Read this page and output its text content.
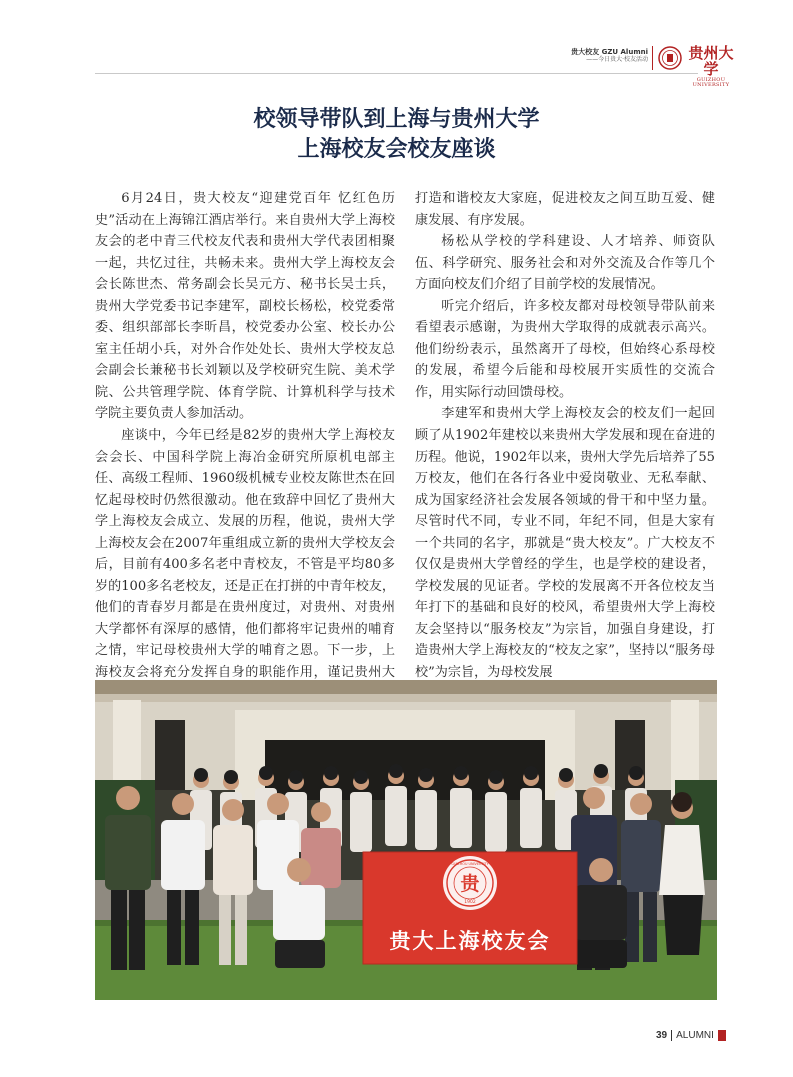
贵大校友 GZU Alumni
——今日贵大·校友活动	贵州大学
GUIZHOU UNIVERSITY
校领导带队到上海与贵州大学
上海校友会校友座谈

6月24日，贵大校友“迎建党百年 忆红色历史”活动在上海锦江酒店举行。来自贵州大学上海校友会的老中青三代校友代表和贵州大学代表团相聚一起，共忆过往，共畅未来。贵州大学上海校友会会长陈世杰、常务副会长吴元方、秘书长吴士兵，贵州大学党委书记李建军，副校长杨松，校党委常委、组织部部长李昕昌，校党委办公室、校长办公室主任胡小兵，对外合作处处长、贵州大学校友总会副会长兼秘书长刘颖以及学校研究生院、美术学院、公共管理学院、体育学院、计算机科学与技术学院主要负责人参加活动。

座谈中，今年已经是82岁的贵州大学上海校友会会长、中国科学院上海冶金研究所原机电部主任、高级工程师、1960级机械专业校友陈世杰在回忆起母校时仍然很激动。他在致辞中回忆了贵州大学上海校友会成立、发展的历程，他说，贵州大学上海校友会在2007年重组成立新的贵州大学校友会后，目前有400多名老中青校友，不管是平均80多岁的100多名老校友，还是正在打拼的中青年校友，他们的青春岁月都是在贵州度过，对贵州、对贵州大学都怀有深厚的感情，他们都将牢记贵州的哺育之情，牢记母校贵州大学的哺育之恩。下一步，上海校友会将充分发挥自身的职能作用，谨记贵州大

打造和谐校友大家庭，促进校友之间互助互爱、健康发展、有序发展。

杨松从学校的学科建设、人才培养、师资队伍、科学研究、服务社会和对外交流及合作等几个方面向校友们介绍了目前学校的发展情况。

听完介绍后，许多校友都对母校领导带队前来看望表示感谢，为贵州大学取得的成就表示高兴。他们纷纷表示，虽然离开了母校，但始终心系母校的发展，希望今后能和母校展开实质性的交流合作，用实际行动回馈母校。

李建军和贵州大学上海校友会的校友们一起回顾了从1902年建校以来贵州大学发展和现在奋进的历程。他说，1902年以来，贵州大学先后培养了55万校友，他们在各行各业中爱岗敬业、无私奉献、成为国家经济社会发展各领域的骨干和中坚力量。尽管时代不同，专业不同，年纪不同，但是大家有一个共同的名字，那就是“贵大校友”。广大校友不仅仅是贵州大学曾经的学生，也是学校的建设者，学校发展的见证者。学校的发展离不开各位校友当年打下的基础和良好的校风，希望贵州大学上海校友会坚持以“服务校友”为宗旨，加强自身建设，打造贵州大学上海校友的“校友之家”，坚持以“服务母校”为宗旨，为母校发展

贵
1902
GUIZHOU UNIVERSITY
贵大上海校友会
39 ALUMNI
